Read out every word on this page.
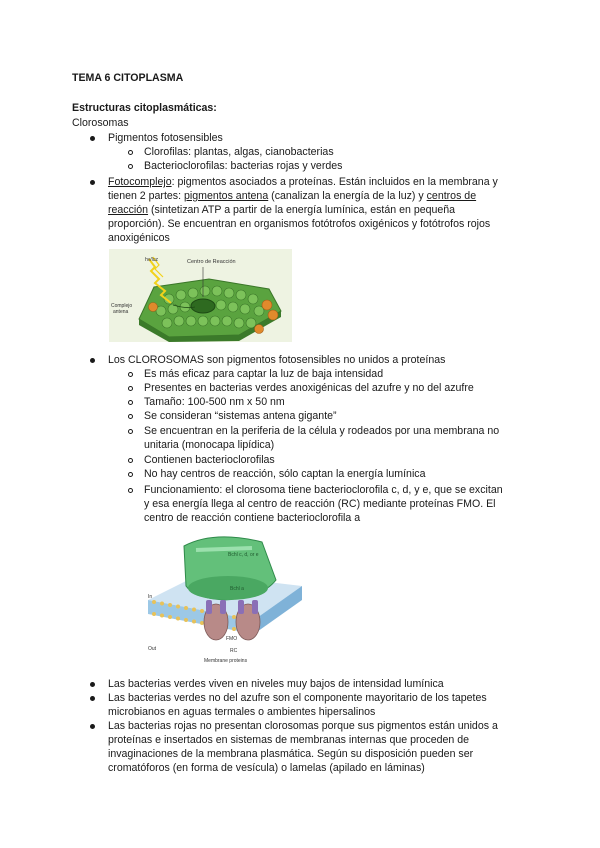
TEMA 6 CITOPLASMA
Estructuras citoplasmáticas:
Clorosomas
Pigmentos fotosensibles
Clorofilas: plantas, algas, cianobacterias
Bacterioclorofilas: bacterias rojas y verdes
Fotocomplejo: pigmentos asociados a proteínas. Están incluidos en la membrana y
tienen 2 partes: pigmentos antena (canalizan la energía de la luz) y centros de
reacción (sintetizan ATP a partir de la energía lumínica, están en pequeña
proporción). Se encuentran en organismos fotótrofos oxigénicos y fotótrofos rojos
anoxigénicos
hν/luz	Centro de Reacción
Complejo
antena
Los CLOROSOMAS son pigmentos fotosensibles no unidos a proteínas
Es más eficaz para captar la luz de baja intensidad
Presentes en bacterias verdes anoxigénicas del azufre y no del azufre
Tamaño: 100-500 nm x 50 nm
Se consideran “sistemas antena gigante”
Se encuentran en la periferia de la célula y rodeados por una membrana no
unitaria (monocapa lipídica)
Contienen bacterioclorofilas
No hay centros de reacción, sólo captan la energía lumínica
Funcionamiento: el clorosoma tiene bacterioclorofila c, d, y e, que se excitan
y esa energía llega al centro de reacción (RC) mediante proteínas FMO. El
centro de reacción contiene bacterioclorofila a
Bchl c, d, or e
Bchl a
In
Out
FMO
RC
Membrane proteins
Las bacterias verdes viven en niveles muy bajos de intensidad lumínica
Las bacterias verdes no del azufre son el componente mayoritario de los tapetes
microbianos en aguas termales o ambientes hipersalinos
Las bacterias rojas no presentan clorosomas porque sus pigmentos están unidos a
proteínas e insertados en sistemas de membranas internas que proceden de
invaginaciones de la membrana plasmática. Según su disposición pueden ser
cromatóforos (en forma de vesícula) o lamelas (apilado en láminas)
